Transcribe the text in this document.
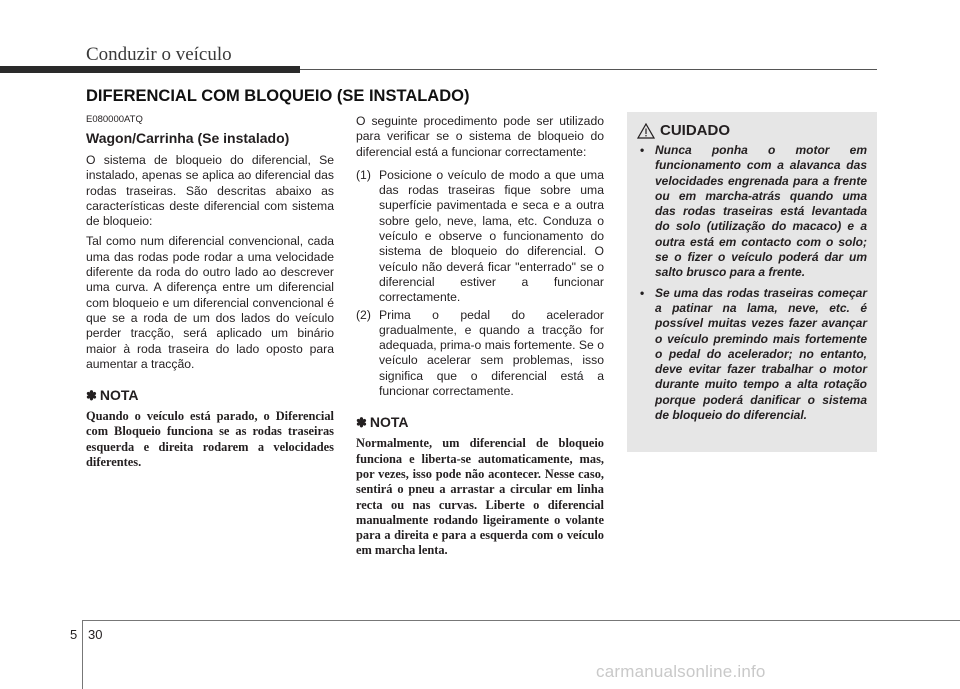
Conduzir o veículo
DIFERENCIAL COM BLOQUEIO (SE INSTALADO)
E080000ATQ
Wagon/Carrinha (Se instalado)

O sistema de bloqueio do diferencial, Se instalado, apenas se aplica ao diferencial das rodas traseiras. São descritas abaixo as características deste diferencial com sistema de bloqueio:

Tal como num diferencial convencional, cada uma das rodas pode rodar a uma velocidade diferente da roda do outro lado ao descrever uma curva. A diferença entre um diferencial com bloqueio e um diferencial convencional é que se a roda de um dos lados do veículo perder tracção, será aplicado um binário maior à roda traseira do lado oposto para aumentar a tracção.

✽ NOTA

Quando o veículo está parado, o Diferencial com Bloqueio funciona se as rodas traseiras esquerda e direita rodarem a velocidades diferentes.

O seguinte procedimento pode ser utilizado para verificar se o sistema de bloqueio do diferencial está a funcionar correctamente:

(1) Posicione o veículo de modo a que uma das rodas traseiras fique sobre uma superfície pavimentada e seca e a outra sobre gelo, neve, lama, etc. Conduza o veículo e observe o funcionamento do sistema de bloqueio do diferencial. O veículo não deverá ficar "enterrado" se o diferencial estiver a funcionar correctamente.
(2) Prima o pedal do acelerador gradualmente, e quando a tracção for adequada, prima-o mais fortemente. Se o veículo acelerar sem problemas, isso significa que o diferencial está a funcionar correctamente.
✽ NOTA

Normalmente, um diferencial de bloqueio funciona e liberta-se automaticamente, mas, por vezes, isso pode não acontecer. Nesse caso, sentirá o pneu a arrastar a circular em linha recta ou nas curvas. Liberte o diferencial manualmente rodando ligeiramente o volante para a direita e para a esquerda com o veículo em marcha lenta.

CUIDADO
• Nunca ponha o motor em funcionamento com a alavanca das velocidades engrenada para a frente ou em marcha-atrás quando uma das rodas traseiras está levantada do solo (utilização do macaco) e a outra está em contacto com o solo; se o fizer o veículo poderá dar um salto brusco para a frente.
• Se uma das rodas traseiras começar a patinar na lama, neve, etc. é possível muitas vezes fazer avançar o veículo premindo mais fortemente o pedal do acelerador; no entanto, deve evitar fazer trabalhar o motor durante muito tempo a alta rotação porque poderá danificar o sistema de bloqueio do diferencial.
5 30
carmanualsonline.info
